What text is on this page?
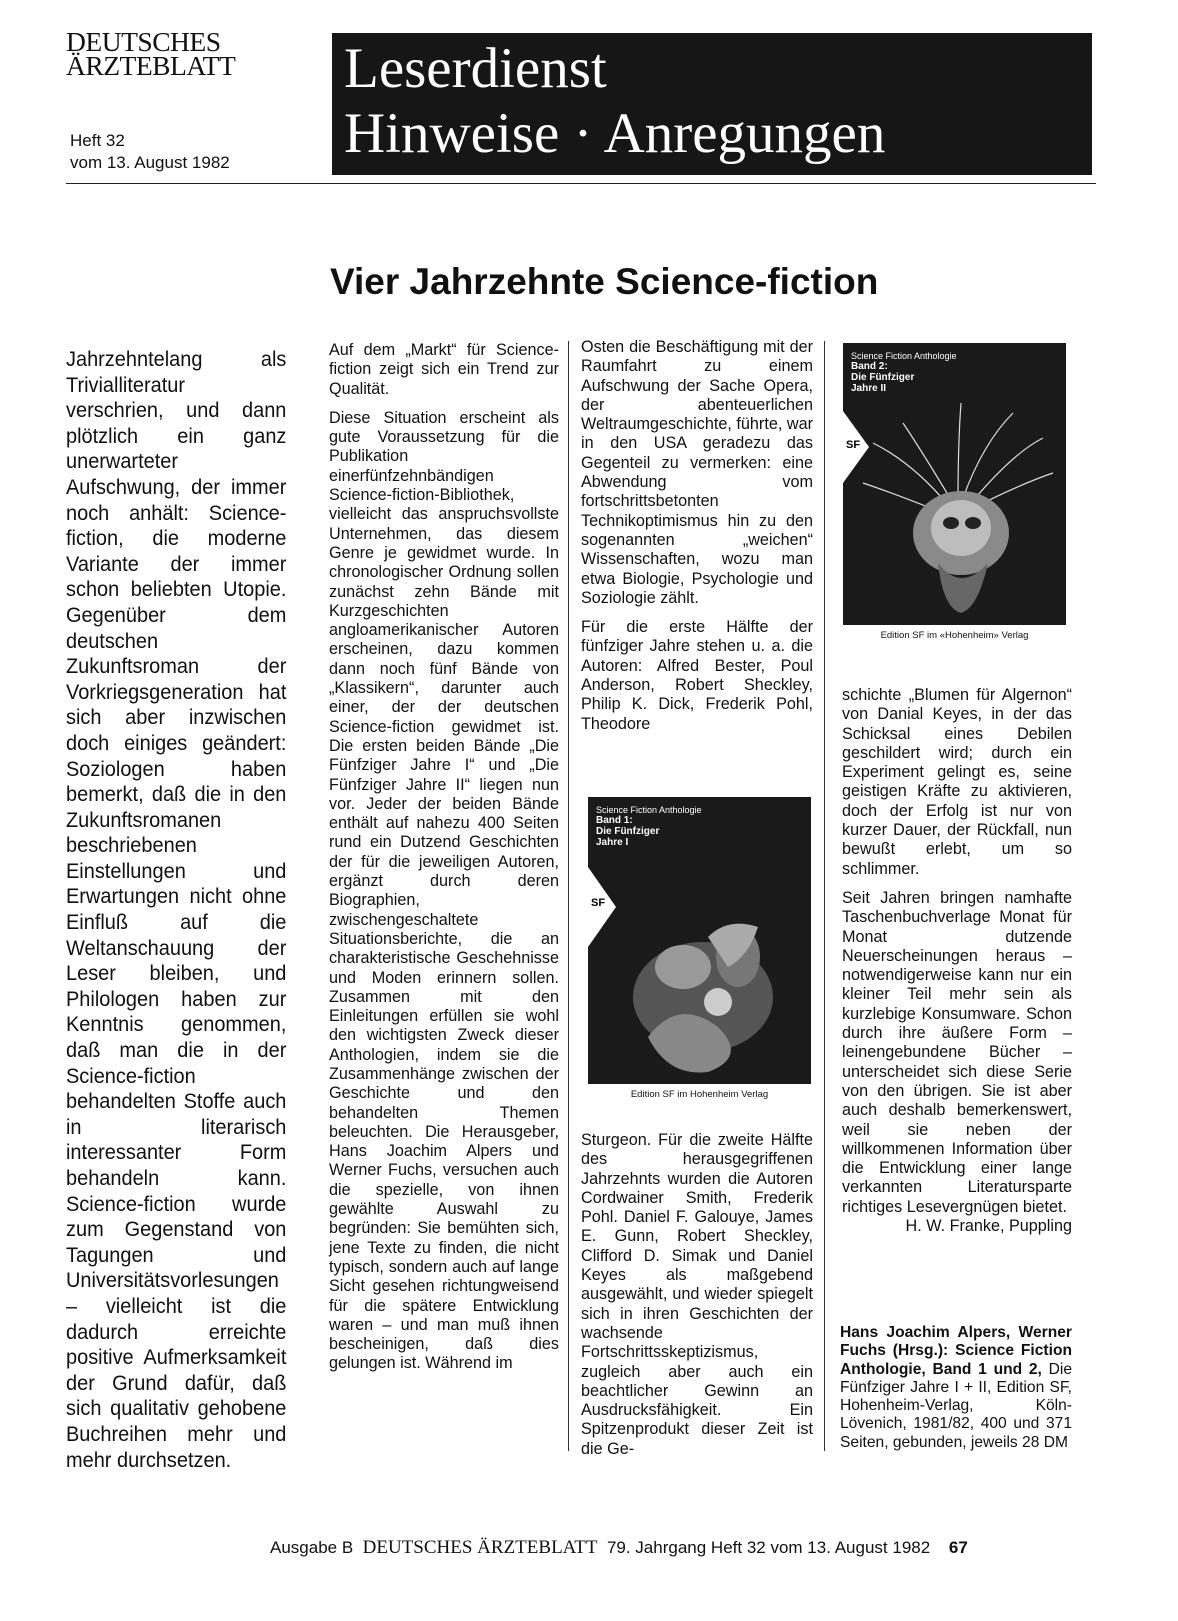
DEUTSCHES
ÄRZTEBLATT
Heft 32
vom 13. August 1982
Leserdienst
Hinweise · Anregungen
Vier Jahrzehnte Science-fiction
Jahrzehntelang als Trivialliteratur verschrien, und dann plötzlich ein ganz unerwarteter Aufschwung, der immer noch anhält: Science-fiction, die moderne Variante der immer schon beliebten Utopie. Gegenüber dem deutschen Zukunftsroman der Vorkriegsgeneration hat sich aber inzwischen doch einiges geändert: Soziologen haben bemerkt, daß die in den Zukunftsromanen beschriebenen Einstellungen und Erwartungen nicht ohne Einfluß auf die Weltanschauung der Leser bleiben, und Philologen haben zur Kenntnis genommen, daß man die in der Science-fiction behandelten Stoffe auch in literarisch interessanter Form behandeln kann. Science-fiction wurde zum Gegenstand von Tagungen und Universitätsvorlesungen – vielleicht ist die dadurch erreichte positive Aufmerksamkeit der Grund dafür, daß sich qualitativ gehobene Buchreihen mehr und mehr durchsetzen.

Auf dem „Markt“ für Science-fiction zeigt sich ein Trend zur Qualität.

Diese Situation erscheint als gute Voraussetzung für die Publikation einerfünfzehnbändigen Science-fiction-Bibliothek, vielleicht das anspruchsvollste Unternehmen, das diesem Genre je gewidmet wurde. In chronologischer Ordnung sollen zunächst zehn Bände mit Kurzgeschichten angloamerikanischer Autoren erscheinen, dazu kommen dann noch fünf Bände von „Klassikern“, darunter auch einer, der der deutschen Science-fiction gewidmet ist. Die ersten beiden Bände „Die Fünfziger Jahre I“ und „Die Fünfziger Jahre II“ liegen nun vor. Jeder der beiden Bände enthält auf nahezu 400 Seiten rund ein Dutzend Geschichten der für die jeweiligen Autoren, ergänzt durch deren Biographien, zwischengeschaltete Situationsberichte, die an charakteristische Geschehnisse und Moden erinnern sollen. Zusammen mit den Einleitungen erfüllen sie wohl den wichtigsten Zweck dieser Anthologien, indem sie die Zusammenhänge zwischen der Geschichte und den behandelten Themen beleuchten. Die Herausgeber, Hans Joachim Alpers und Werner Fuchs, versuchen auch die spezielle, von ihnen gewählte Auswahl zu begründen: Sie bemühten sich, jene Texte zu finden, die nicht typisch, sondern auch auf lange Sicht gesehen richtungweisend für die spätere Entwicklung waren – und man muß ihnen bescheinigen, daß dies gelungen ist. Während im

Osten die Beschäftigung mit der Raumfahrt zu einem Aufschwung der Sache Opera, der abenteuerlichen Weltraumgeschichte, führte, war in den USA geradezu das Gegenteil zu vermerken: eine Abwendung vom fortschrittsbetonten Technikoptimismus hin zu den sogenannten „weichen“ Wissenschaften, wozu man etwa Biologie, Psychologie und Soziologie zählt.

Für die erste Hälfte der fünfziger Jahre stehen u. a. die Autoren: Alfred Bester, Poul Anderson, Robert Sheckley, Philip K. Dick, Frederik Pohl, Theodore

Science Fiction Anthologie
Band 1:
Die Fünfziger
Jahre I
SF
Edition SF im Hohenheim Verlag

Sturgeon. Für die zweite Hälfte des herausgegriffenen Jahrzehnts wurden die Autoren Cordwainer Smith, Frederik Pohl. Daniel F. Galouye, James E. Gunn, Robert Sheckley, Clifford D. Simak und Daniel Keyes als maßgebend ausgewählt, und wieder spiegelt sich in ihren Geschichten der wachsende Fortschrittsskeptizismus, zugleich aber auch ein beachtlicher Gewinn an Ausdrucksfähigkeit. Ein Spitzenprodukt dieser Zeit ist die Ge-

Science Fiction Anthologie
Band 2:
Die Fünfziger
Jahre II
SF
Edition SF im «Hohenheim» Verlag

schichte „Blumen für Algernon“ von Danial Keyes, in der das Schicksal eines Debilen geschildert wird; durch ein Experiment gelingt es, seine geistigen Kräfte zu aktivieren, doch der Erfolg ist nur von kurzer Dauer, der Rückfall, nun bewußt erlebt, um so schlimmer.

Seit Jahren bringen namhafte Taschenbuchverlage Monat für Monat dutzende Neuerscheinungen heraus – notwendigerweise kann nur ein kleiner Teil mehr sein als kurzlebige Konsumware. Schon durch ihre äußere Form – leinengebundene Bücher – unterscheidet sich diese Serie von den übrigen. Sie ist aber auch deshalb bemerkenswert, weil sie neben der willkommenen Information über die Entwicklung einer lange verkannten Literatursparte richtiges Lesevergnügen bietet.

H. W. Franke, Puppling
Hans Joachim Alpers, Werner Fuchs (Hrsg.): Science Fiction Anthologie, Band 1 und 2, Die Fünfziger Jahre I + II, Edition SF, Hohenheim-Verlag, Köln-Lövenich, 1981/82, 400 und 371 Seiten, gebunden, jeweils 28 DM
Ausgabe B DEUTSCHES ÄRZTEBLATT 79. Jahrgang Heft 32 vom 13. August 1982 67
